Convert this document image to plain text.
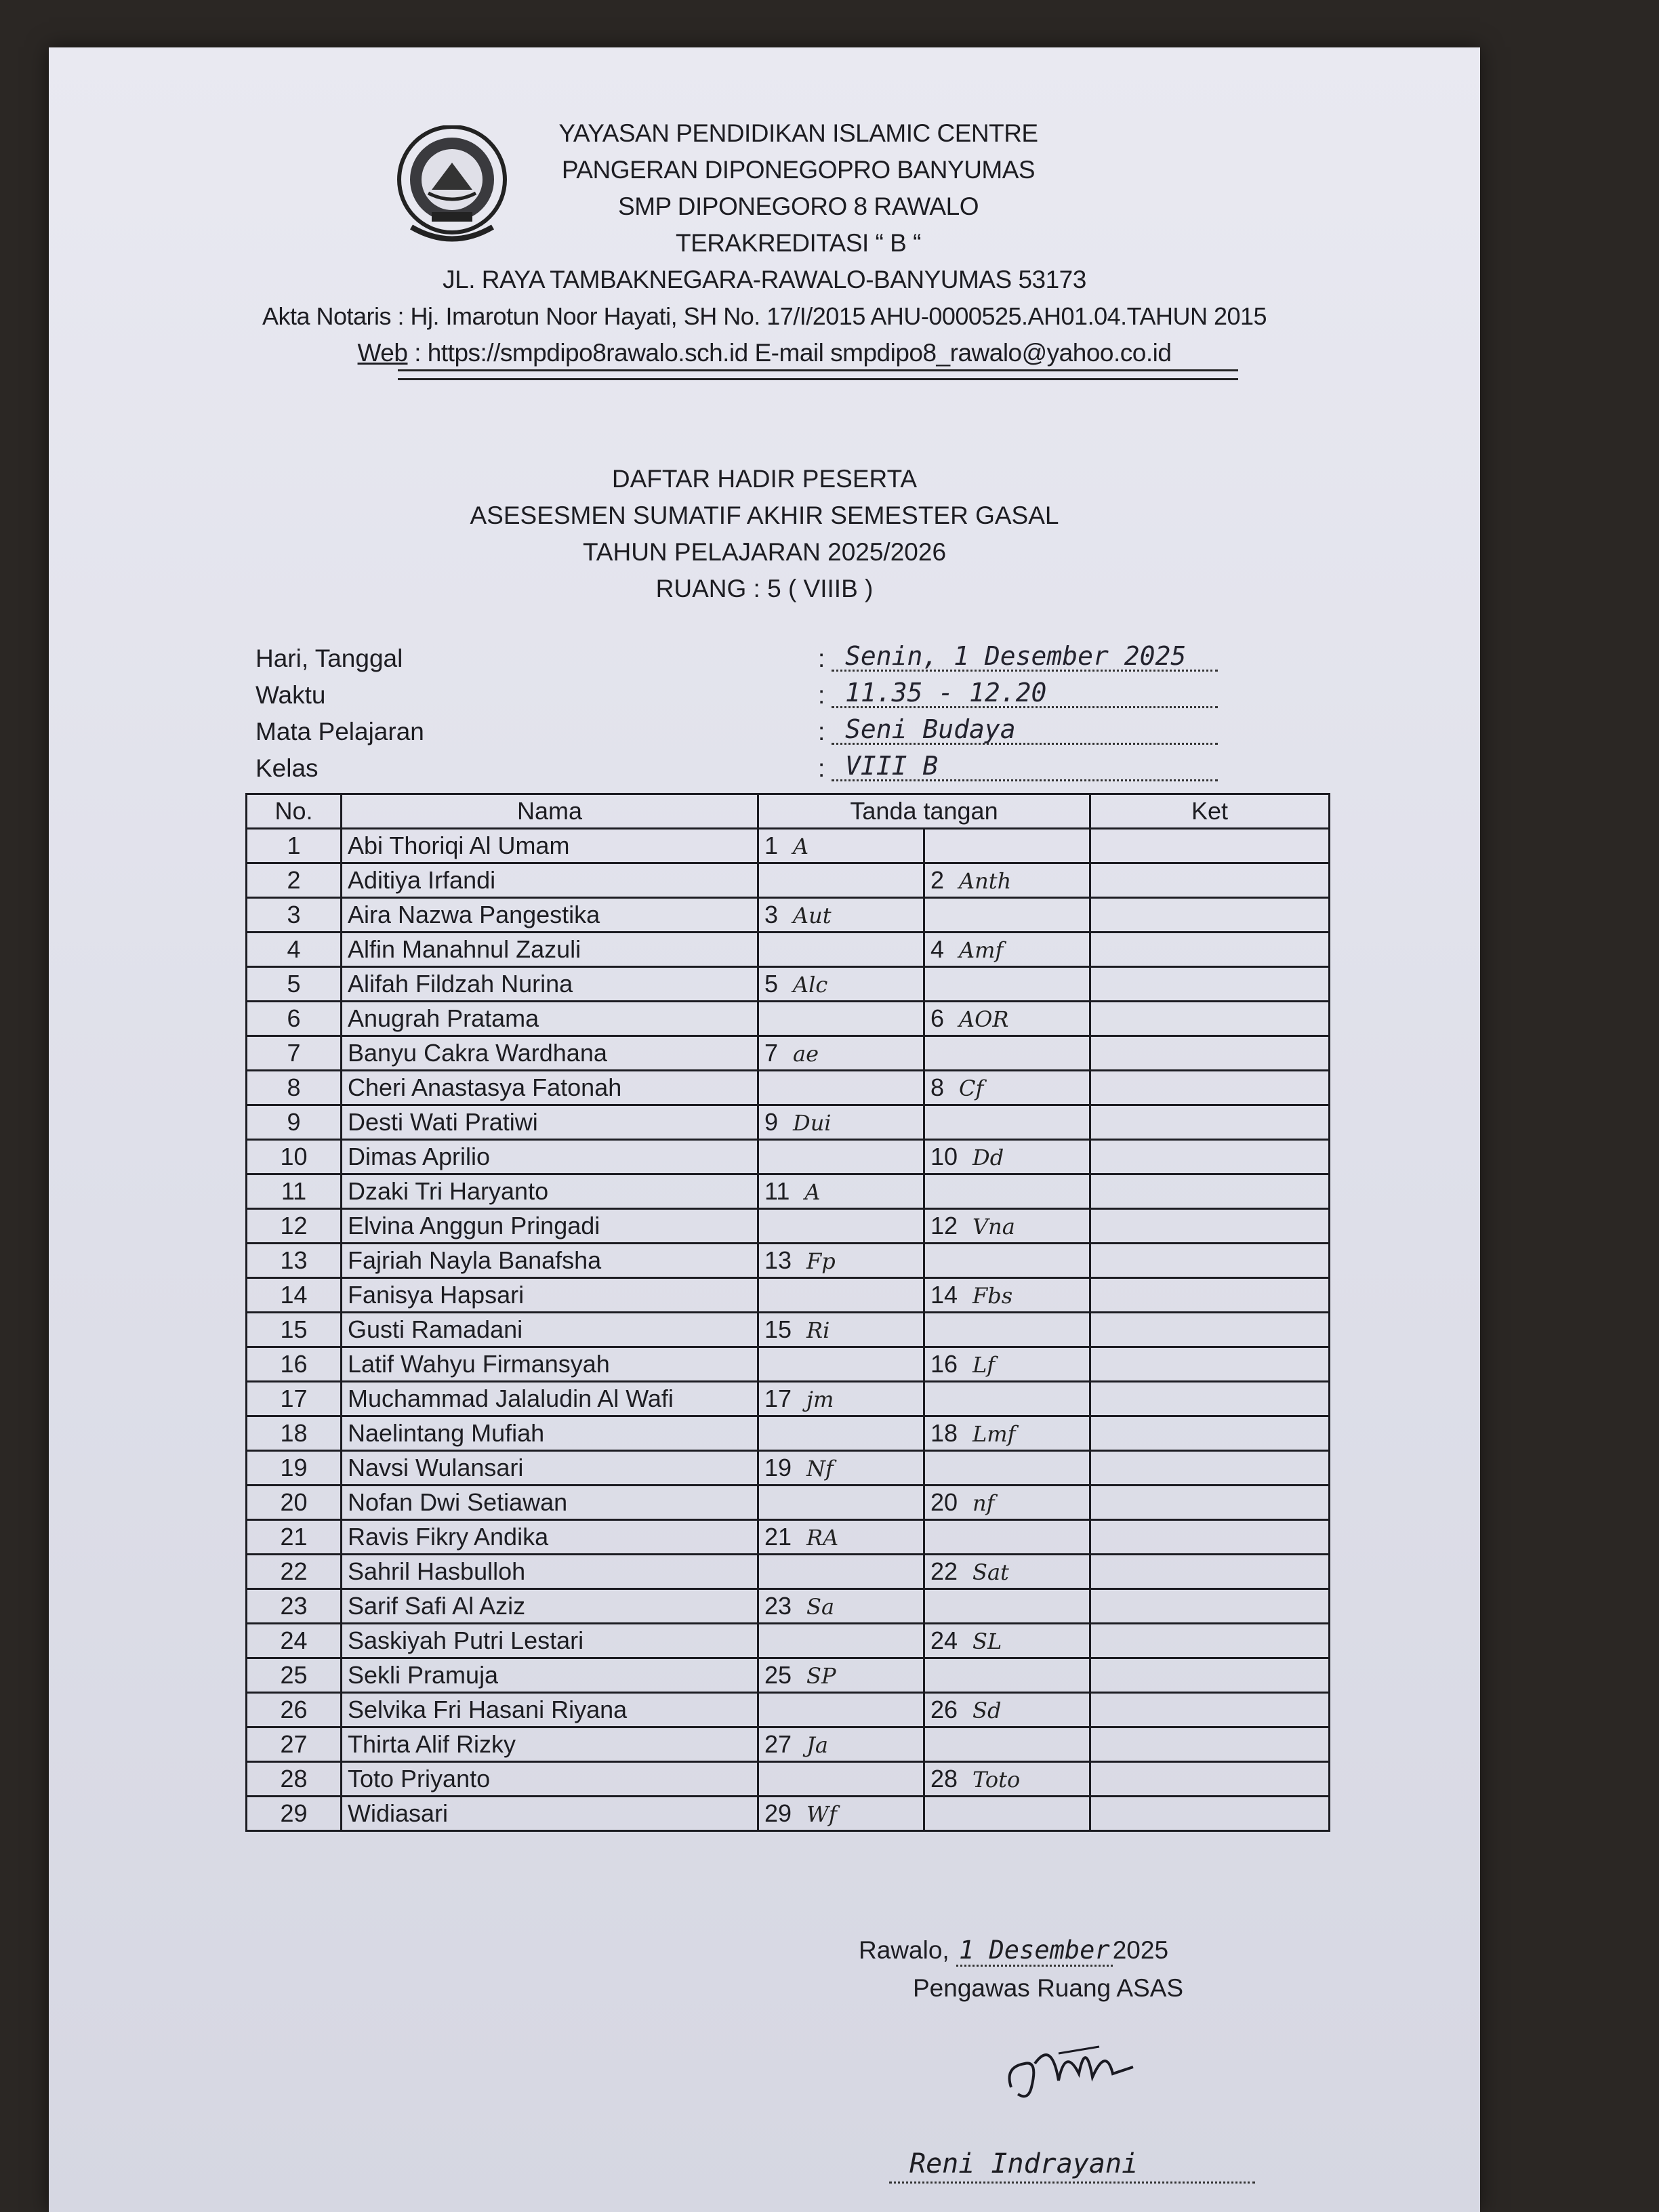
YAYASAN PENDIDIKAN ISLAMIC CENTRE
PANGERAN DIPONEGOPRO BANYUMAS
SMP DIPONEGORO 8 RAWALO
TERAKREDITASI “ B “
JL. RAYA TAMBAKNEGARA-RAWALO-BANYUMAS 53173
Akta Notaris : Hj. Imarotun Noor Hayati, SH No. 17/I/2015 AHU-0000525.AH01.04.TAHUN 2015
Web : https://smpdipo8rawalo.sch.id E-mail smpdipo8_rawalo@yahoo.co.id
DAFTAR HADIR PESERTA
ASESESMEN SUMATIF AKHIR SEMESTER GASAL
TAHUN PELAJARAN 2025/2026
RUANG : 5 ( VIIIB )
Hari, Tanggal	: Senin, 1 Desember 2025
Waktu	: 11.35 - 12.20
Mata Pelajaran	: Seni Budaya
Kelas	: VIII B
No.	Nama	Tanda tangan		Ket
1	Abi Thoriqi Al Umam	1 A		
2	Aditiya Irfandi		2 Anth	
3	Aira Nazwa Pangestika	3 Aut		
4	Alfin Manahnul Zazuli		4 Amf	
5	Alifah Fildzah Nurina	5 Alc		
6	Anugrah Pratama		6 AOR	
7	Banyu Cakra Wardhana	7 ae		
8	Cheri Anastasya Fatonah		8 Cf	
9	Desti Wati Pratiwi	9 Dui		
10	Dimas Aprilio		10 Dd	
11	Dzaki Tri Haryanto	11 A		
12	Elvina Anggun Pringadi		12 Vna	
13	Fajriah Nayla Banafsha	13 Fp		
14	Fanisya Hapsari		14 Fbs	
15	Gusti Ramadani	15 Ri		
16	Latif Wahyu Firmansyah		16 Lf	
17	Muchammad Jalaludin Al Wafi	17 jm		
18	Naelintang Mufiah		18 Lmf	
19	Navsi Wulansari	19 Nf		
20	Nofan Dwi Setiawan		20 nf	
21	Ravis Fikry Andika	21 RA		
22	Sahril Hasbulloh		22 Sat	
23	Sarif Safi Al Aziz	23 Sa		
24	Saskiyah Putri Lestari		24 SL	
25	Sekli Pramuja	25 SP		
26	Selvika Fri Hasani Riyana		26 Sd	
27	Thirta Alif Rizky	27 Ja		
28	Toto Priyanto		28 Toto	
29	Widiasari	29 Wf		
Rawalo, 1 Desember 2025
Pengawas Ruang ASAS
Reni Indrayani
